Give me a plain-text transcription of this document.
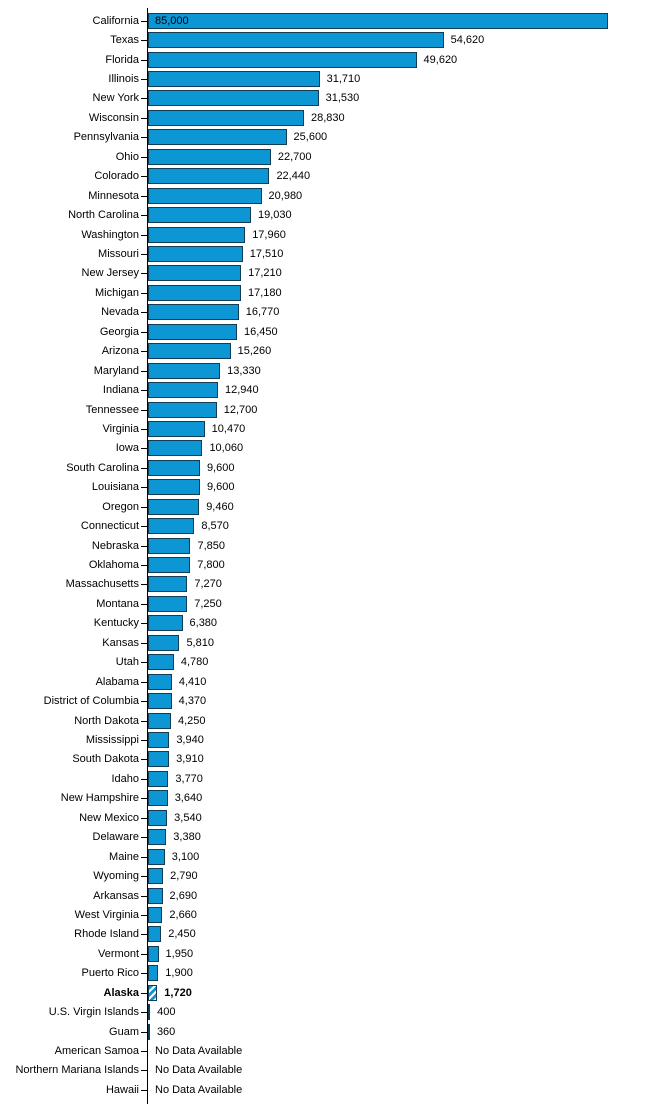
California 85,000
Texas	54,620
Florida	49,620
Illinois	31,710
New York	31,530
Wisconsin	28,830
Pennsylvania	25,600
Ohio	22,700
Colorado	22,440
Minnesota	20,980
North Carolina	19,030
Washington	17,960
Missouri	17,510
New Jersey	17,210
Michigan	17,180
Nevada	16,770
Georgia	16,450
Arizona	15,260
Maryland	13,330
Indiana	12,940
Tennessee	12,700
Virginia	10,470
Iowa	10,060
South Carolina	9,600
Louisiana	9,600
Oregon	9,460
Connecticut	8,570
Nebraska	7,850
Oklahoma	7,800
Massachusetts	7,270
Montana	7,250
Kentucky	6,380
Kansas	5,810
Utah	4,780
Alabama	4,410
District of Columbia	4,370
North Dakota	4,250
Mississippi	3,940
South Dakota	3,910
Idaho	3,770
New Hampshire	3,640
New Mexico	3,540
Delaware	3,380
Maine	3,100
Wyoming	2,790
Arkansas	2,690
West Virginia	2,660
Rhode Island	2,450
Vermont 1,950
Puerto Rico 1,900
Alaska 1,720
U.S. Virgin Islands 400
Guam 360
American Samoa No Data Available
Northern Mariana Islands No Data Available
Hawaii No Data Available
